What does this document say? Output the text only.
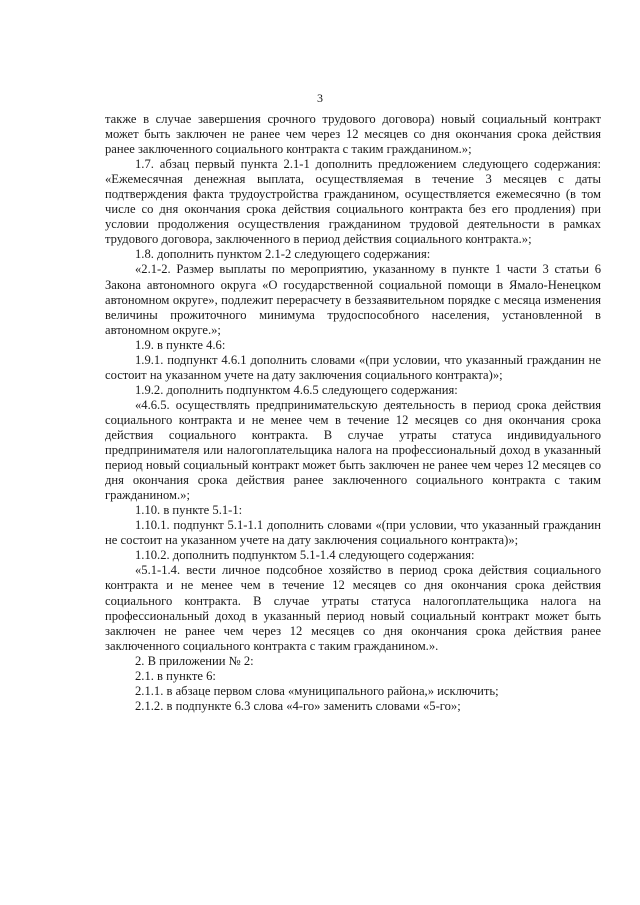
3

также в случае завершения срочного трудового договора) новый социальный контракт может быть заключен не ранее чем через 12 месяцев со дня окончания срока действия ранее заключенного социального контракта с таким гражданином.»;

1.7. абзац первый пункта 2.1-1 дополнить предложением следующего содержания: «Ежемесячная денежная выплата, осуществляемая в течение 3 месяцев с даты подтверждения факта трудоустройства гражданином, осуществляется ежемесячно (в том числе со дня окончания срока действия социального контракта без его продления) при условии продолжения осуществления гражданином трудовой деятельности в рамках трудового договора, заключенного в период действия социального контракта.»;

1.8. дополнить пунктом 2.1-2 следующего содержания:

«2.1-2. Размер выплаты по мероприятию, указанному в пункте 1 части 3 статьи 6 Закона автономного округа «О государственной социальной помощи в Ямало-Ненецком автономном округе», подлежит перерасчету в беззаявительном порядке с месяца изменения величины прожиточного минимума трудоспособного населения, установленной в автономном округе.»;

1.9. в пункте 4.6:

1.9.1. подпункт 4.6.1 дополнить словами «(при условии, что указанный гражданин не состоит на указанном учете на дату заключения социального контракта)»;

1.9.2. дополнить подпунктом 4.6.5 следующего содержания:

«4.6.5. осуществлять предпринимательскую деятельность в период срока действия социального контракта и не менее чем в течение 12 месяцев со дня окончания срока действия социального контракта. В случае утраты статуса индивидуального предпринимателя или налогоплательщика налога на профессиональный доход в указанный период новый социальный контракт может быть заключен не ранее чем через 12 месяцев со дня окончания срока действия ранее заключенного социального контракта с таким гражданином.»;

1.10. в пункте 5.1-1:

1.10.1. подпункт 5.1-1.1 дополнить словами «(при условии, что указанный гражданин не состоит на указанном учете на дату заключения социального контракта)»;

1.10.2. дополнить подпунктом 5.1-1.4 следующего содержания:

«5.1-1.4. вести личное подсобное хозяйство в период срока действия социального контракта и не менее чем в течение 12 месяцев со дня окончания срока действия социального контракта. В случае утраты статуса налогоплательщика налога на профессиональный доход в указанный период новый социальный контракт может быть заключен не ранее чем через 12 месяцев со дня окончания срока действия ранее заключенного социального контракта с таким гражданином.».

2. В приложении № 2:

2.1. в пункте 6:

2.1.1. в абзаце первом слова «муниципального района,» исключить;

2.1.2. в подпункте 6.3 слова «4-го» заменить словами «5-го»;
